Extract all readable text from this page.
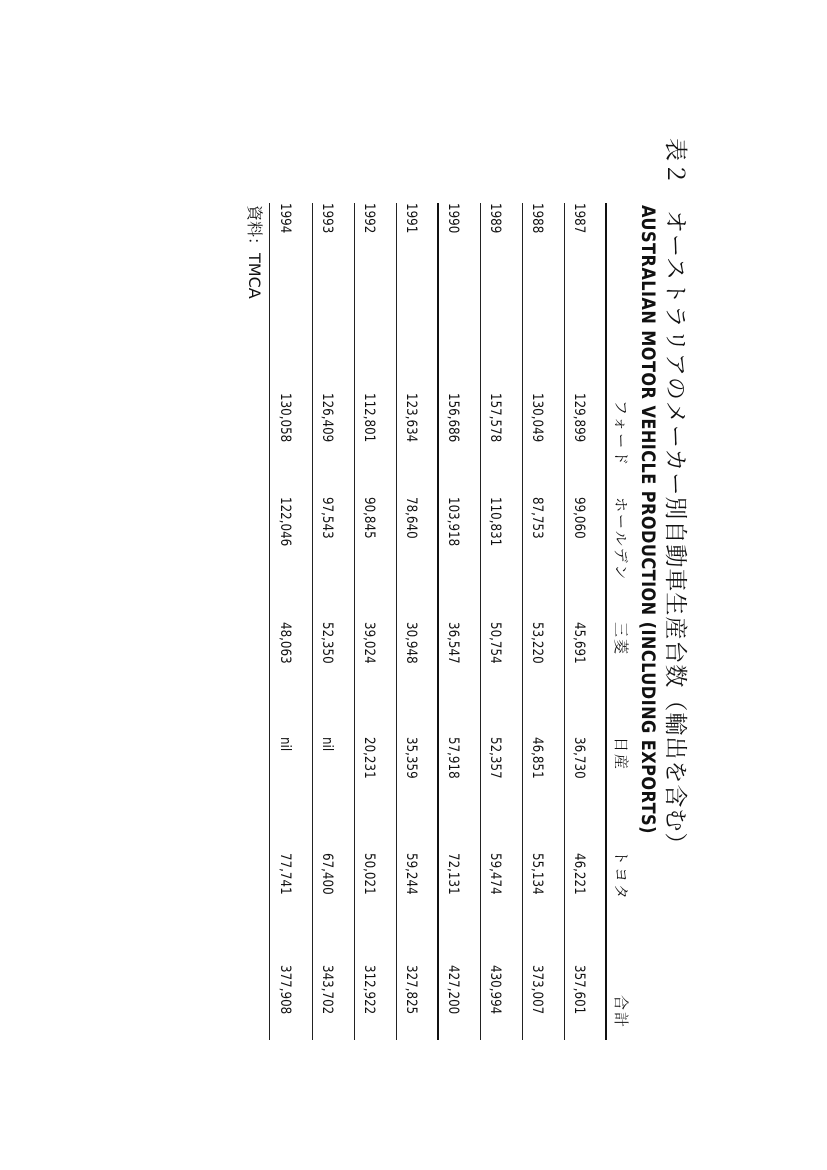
表２　オーストラリアのメーカー別自動車生産台数（輸出を含む）
AUSTRALIAN MOTOR VEHICLE PRODUCTION (INCLUDING EXPORTS)
フォード
ホールデン
三菱
日産
トヨタ
合計
1987
129,899
99,060
45,691
36,730
46,221
357,601
1988
130,049
87,753
53,220
46,851
55,134
373,007
1989
157,578
110,831
50,754
52,357
59,474
430,994
1990
156,686
103,918
36,547
57,918
72,131
427,200
1991
123,634
78,640
30,948
35,359
59,244
327,825
1992
112,801
90,845
39,024
20,231
50,021
312,922
1993
126,409
97,543
52,350
nil
67,400
343,702
1994
130,058
122,046
48,063
nil
77,741
377,908
資料：TMCA
